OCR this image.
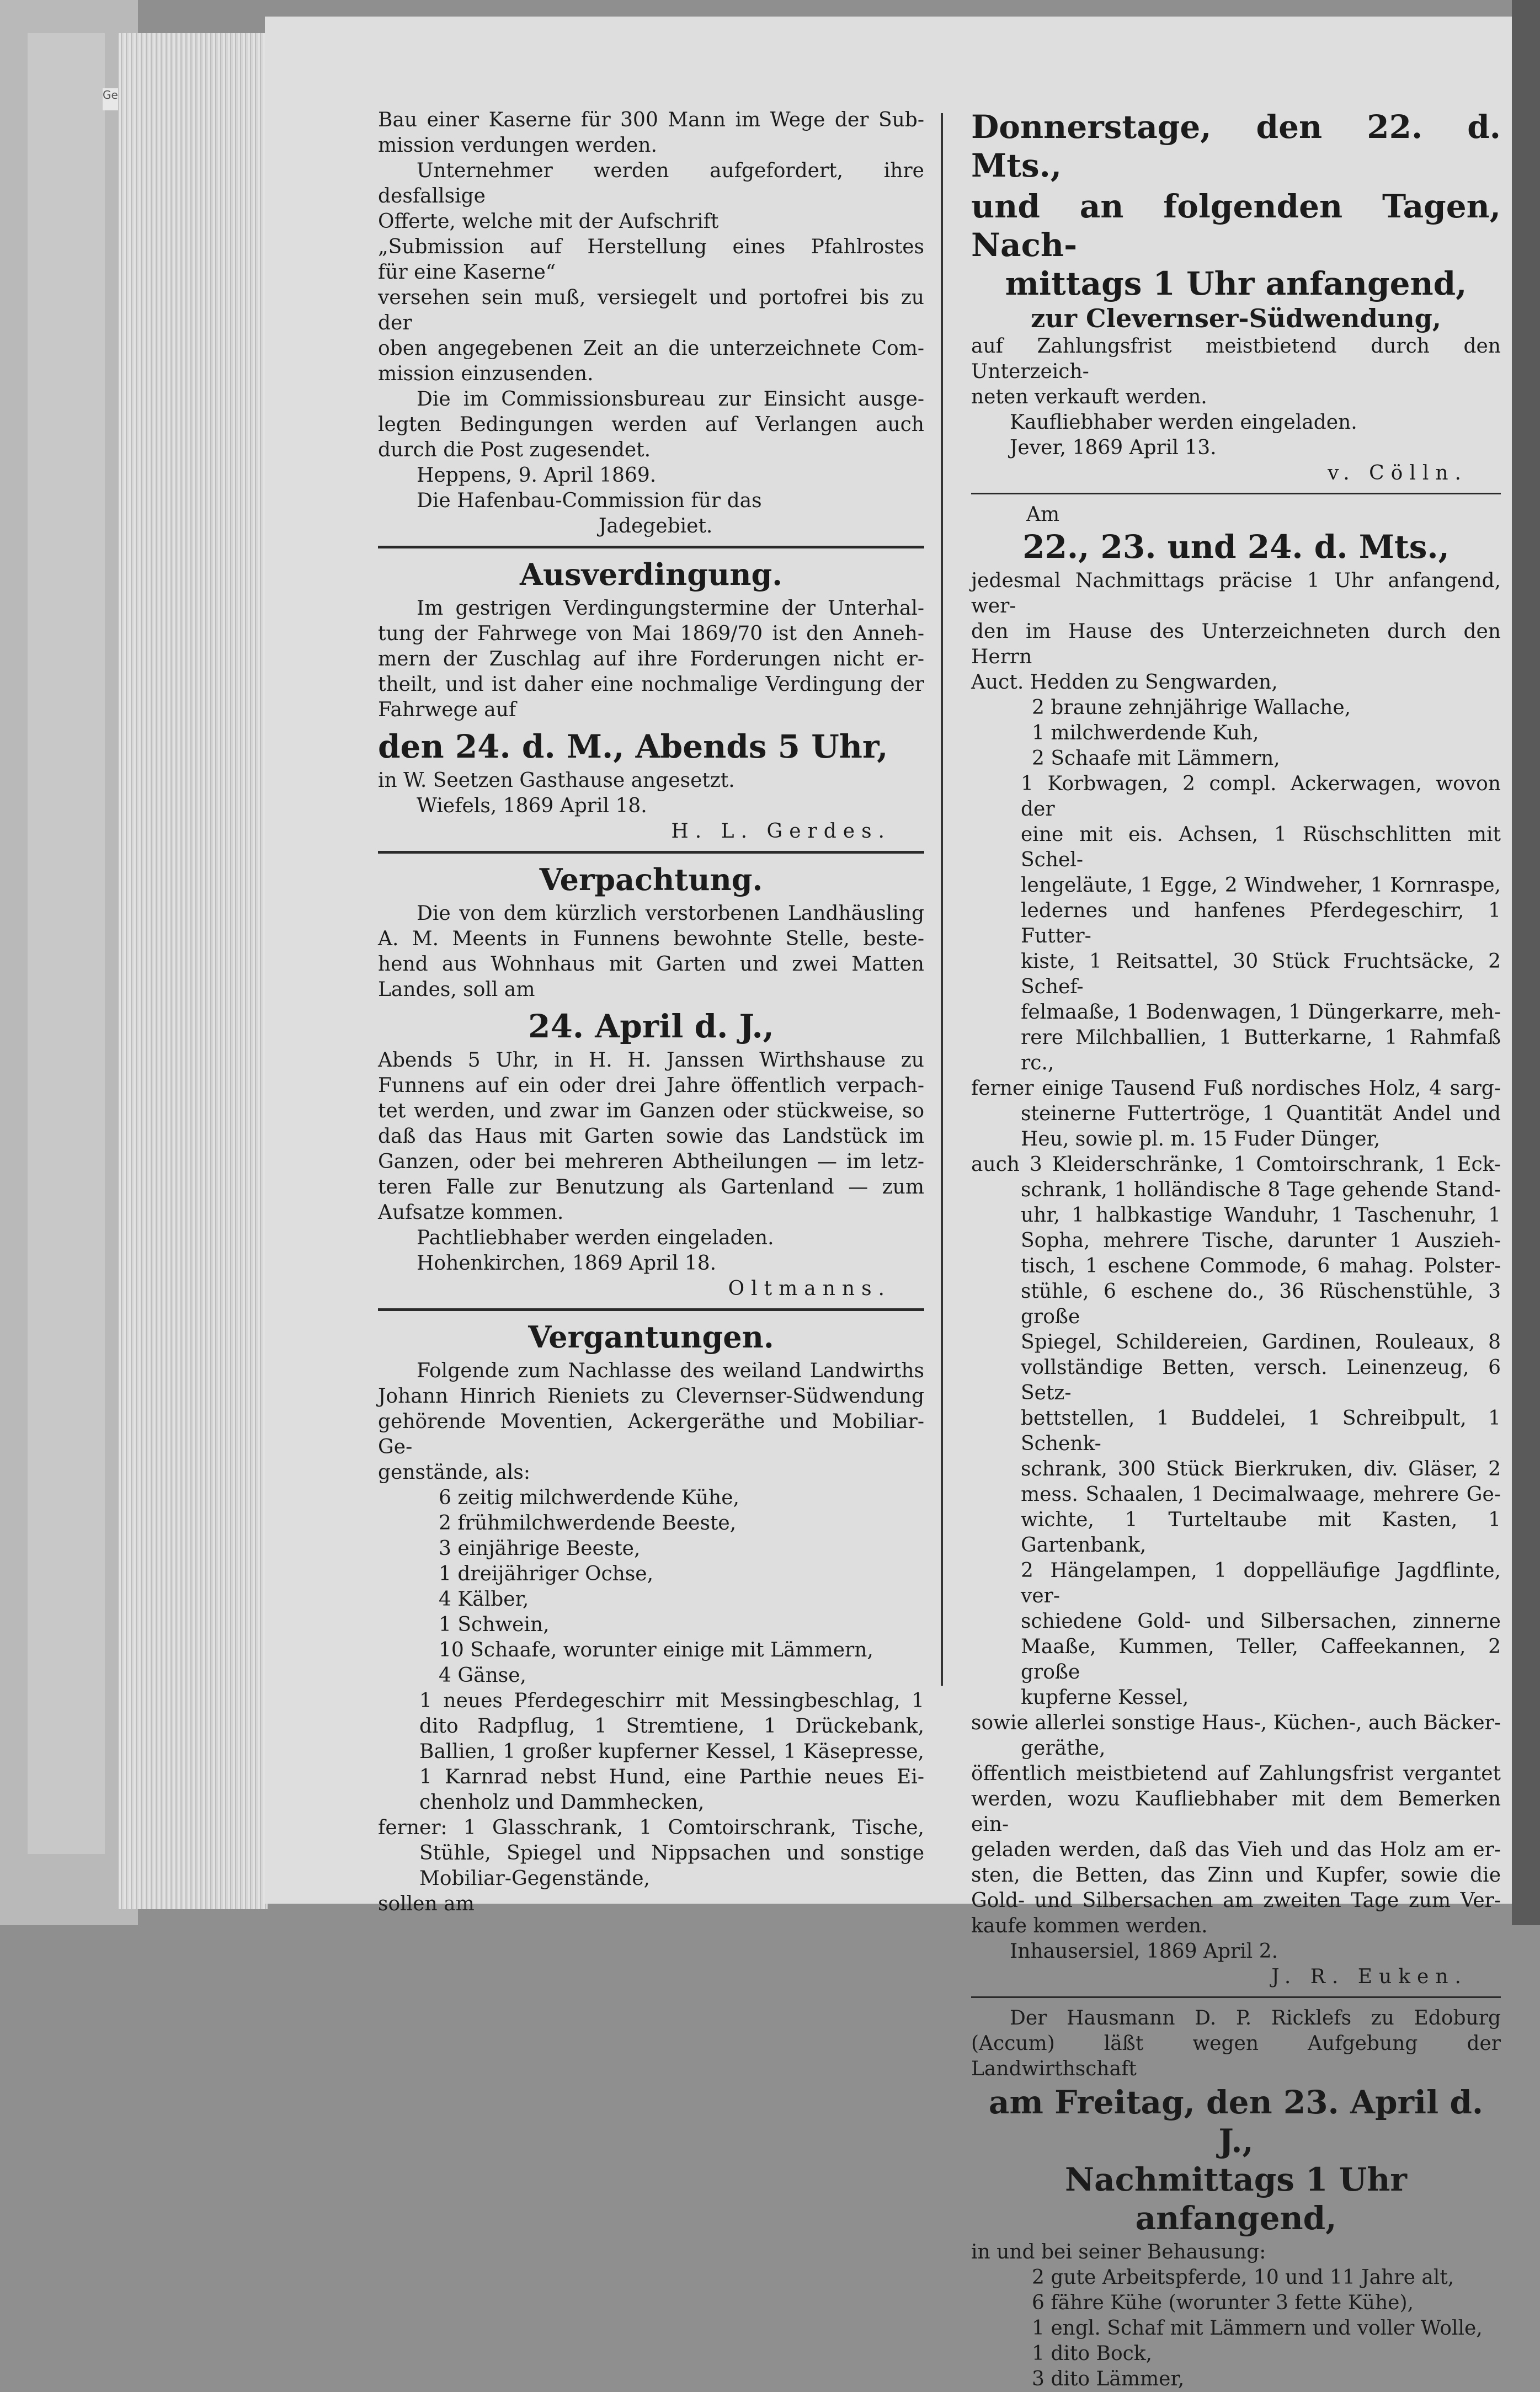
Ge

Bau einer Kaserne für 300 Mann im Wege der Sub-

mission verdungen werden.

Unternehmer werden aufgefordert, ihre desfallsige

Offerte, welche mit der Aufschrift

„Submission auf Herstellung eines Pfahlrostes

für eine Kaserne“

versehen sein muß, versiegelt und portofrei bis zu der

oben angegebenen Zeit an die unterzeichnete Com-

mission einzusenden.

Die im Commissionsbureau zur Einsicht ausge-

legten Bedingungen werden auf Verlangen auch

durch die Post zugesendet.

Heppens, 9. April 1869.

Die Hafenbau-Commission für das

Jadegebiet.

Ausverdingung.

Im gestrigen Verdingungstermine der Unterhal-

tung der Fahrwege von Mai 1869/70 ist den Anneh-

mern der Zuschlag auf ihre Forderungen nicht er-

theilt, und ist daher eine nochmalige Verdingung der

Fahrwege auf

den 24. d. M., Abends 5 Uhr,

in W. Seetzen Gasthause angesetzt.

Wiefels, 1869 April 18.

H. L. Gerdes.

Verpachtung.

Die von dem kürzlich verstorbenen Landhäusling

A. M. Meents in Funnens bewohnte Stelle, beste-

hend aus Wohnhaus mit Garten und zwei Matten

Landes, soll am

24. April d. J.,

Abends 5 Uhr, in H. H. Janssen Wirthshause zu

Funnens auf ein oder drei Jahre öffentlich verpach-

tet werden, und zwar im Ganzen oder stückweise, so

daß das Haus mit Garten sowie das Landstück im

Ganzen, oder bei mehreren Abtheilungen — im letz-

teren Falle zur Benutzung als Gartenland — zum

Aufsatze kommen.

Pachtliebhaber werden eingeladen.

Hohenkirchen, 1869 April 18.

Oltmanns.

Vergantungen.

Folgende zum Nachlasse des weiland Landwirths

Johann Hinrich Rieniets zu Clevernser-Südwendung

gehörende Moventien, Ackergeräthe und Mobiliar-Ge-

genstände, als:

6 zeitig milchwerdende Kühe,

2 frühmilchwerdende Beeste,

3 einjährige Beeste,

1 dreijähriger Ochse,

4 Kälber,

1 Schwein,

10 Schaafe, worunter einige mit Lämmern,

4 Gänse,

1 neues Pferdegeschirr mit Messingbeschlag, 1

dito Radpflug, 1 Stremtiene, 1 Drückebank,

Ballien, 1 großer kupferner Kessel, 1 Käsepresse,

1 Karnrad nebst Hund, eine Parthie neues Ei-

chenholz und Dammhecken,

ferner: 1 Glasschrank, 1 Comtoirschrank, Tische,

Stühle, Spiegel und Nippsachen und sonstige

Mobiliar-Gegenstände,

sollen am

Donnerstage, den 22. d. Mts.,

und an folgenden Tagen, Nach-

mittags 1 Uhr anfangend,

zur Clevernser-Südwendung,

auf Zahlungsfrist meistbietend durch den Unterzeich-

neten verkauft werden.

Kaufliebhaber werden eingeladen.

Jever, 1869 April 13.

v. Cölln.

Am

22., 23. und 24. d. Mts.,

jedesmal Nachmittags präcise 1 Uhr anfangend, wer-

den im Hause des Unterzeichneten durch den Herrn

Auct. Hedden zu Sengwarden,

2 braune zehnjährige Wallache,

1 milchwerdende Kuh,

2 Schaafe mit Lämmern,

1 Korbwagen, 2 compl. Ackerwagen, wovon der

eine mit eis. Achsen, 1 Rüschschlitten mit Schel-

lengeläute, 1 Egge, 2 Windweher, 1 Kornraspe,

ledernes und hanfenes Pferdegeschirr, 1 Futter-

kiste, 1 Reitsattel, 30 Stück Fruchtsäcke, 2 Schef-

felmaaße, 1 Bodenwagen, 1 Düngerkarre, meh-

rere Milchballien, 1 Butterkarne, 1 Rahmfaß rc.,

ferner einige Tausend Fuß nordisches Holz, 4 sarg-

steinerne Futtertröge, 1 Quantität Andel und

Heu, sowie pl. m. 15 Fuder Dünger,

auch 3 Kleiderschränke, 1 Comtoirschrank, 1 Eck-

schrank, 1 holländische 8 Tage gehende Stand-

uhr, 1 halbkastige Wanduhr, 1 Taschenuhr, 1

Sopha, mehrere Tische, darunter 1 Auszieh-

tisch, 1 eschene Commode, 6 mahag. Polster-

stühle, 6 eschene do., 36 Rüschenstühle, 3 große

Spiegel, Schildereien, Gardinen, Rouleaux, 8

vollständige Betten, versch. Leinenzeug, 6 Setz-

bettstellen, 1 Buddelei, 1 Schreibpult, 1 Schenk-

schrank, 300 Stück Bierkruken, div. Gläser, 2

mess. Schaalen, 1 Decimalwaage, mehrere Ge-

wichte, 1 Turteltaube mit Kasten, 1 Gartenbank,

2 Hängelampen, 1 doppelläufige Jagdflinte, ver-

schiedene Gold- und Silbersachen, zinnerne

Maaße, Kummen, Teller, Caffeekannen, 2 große

kupferne Kessel,

sowie allerlei sonstige Haus-, Küchen-, auch Bäcker-

geräthe,

öffentlich meistbietend auf Zahlungsfrist vergantet

werden, wozu Kaufliebhaber mit dem Bemerken ein-

geladen werden, daß das Vieh und das Holz am er-

sten, die Betten, das Zinn und Kupfer, sowie die

Gold- und Silbersachen am zweiten Tage zum Ver-

kaufe kommen werden.

Inhausersiel, 1869 April 2.

J. R. Euken.

Der Hausmann D. P. Ricklefs zu Edoburg

(Accum) läßt wegen Aufgebung der Landwirthschaft

am Freitag, den 23. April d. J.,

Nachmittags 1 Uhr anfangend,

in und bei seiner Behausung:

2 gute Arbeitspferde, 10 und 11 Jahre alt,

6 fähre Kühe (worunter 3 fette Kühe),

1 engl. Schaf mit Lämmern und voller Wolle,

1 dito Bock,

3 dito Lämmer,
